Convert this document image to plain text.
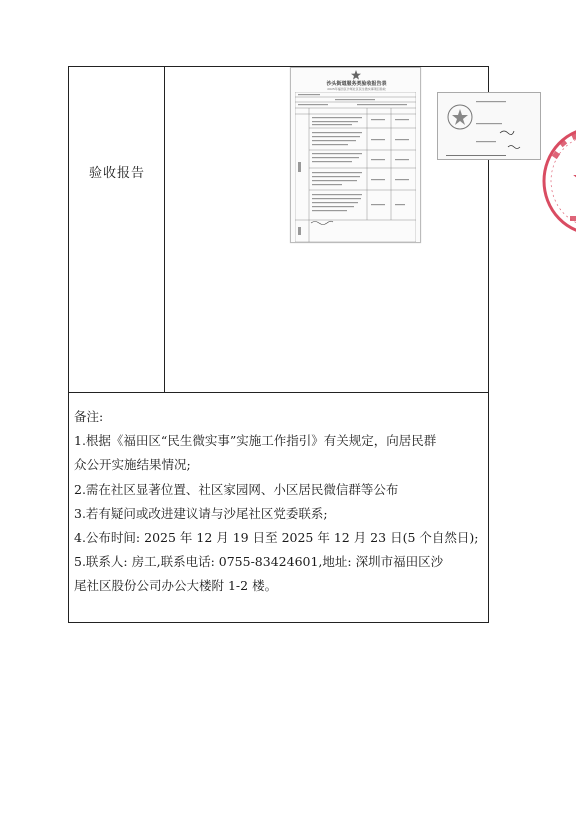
验收报告
沙头街道服务类验收报告表
2025年福田区沙尾社区民生微实事项目验收
备注:
1.根据《福田区“民生微实事”实施工作指引》有关规定，向居民群
众公开实施结果情况;
2.需在社区显著位置、社区家园网、小区居民微信群等公布
3.若有疑问或改进建议请与沙尾社区党委联系;
4.公布时间: 2025 年 12 月 19 日至 2025 年 12 月 23 日(5 个自然日);
5.联系人: 房工,联系电话: 0755-83424601,地址: 深圳市福田区沙
尾社区股份公司办公大楼附 1-2 楼。
